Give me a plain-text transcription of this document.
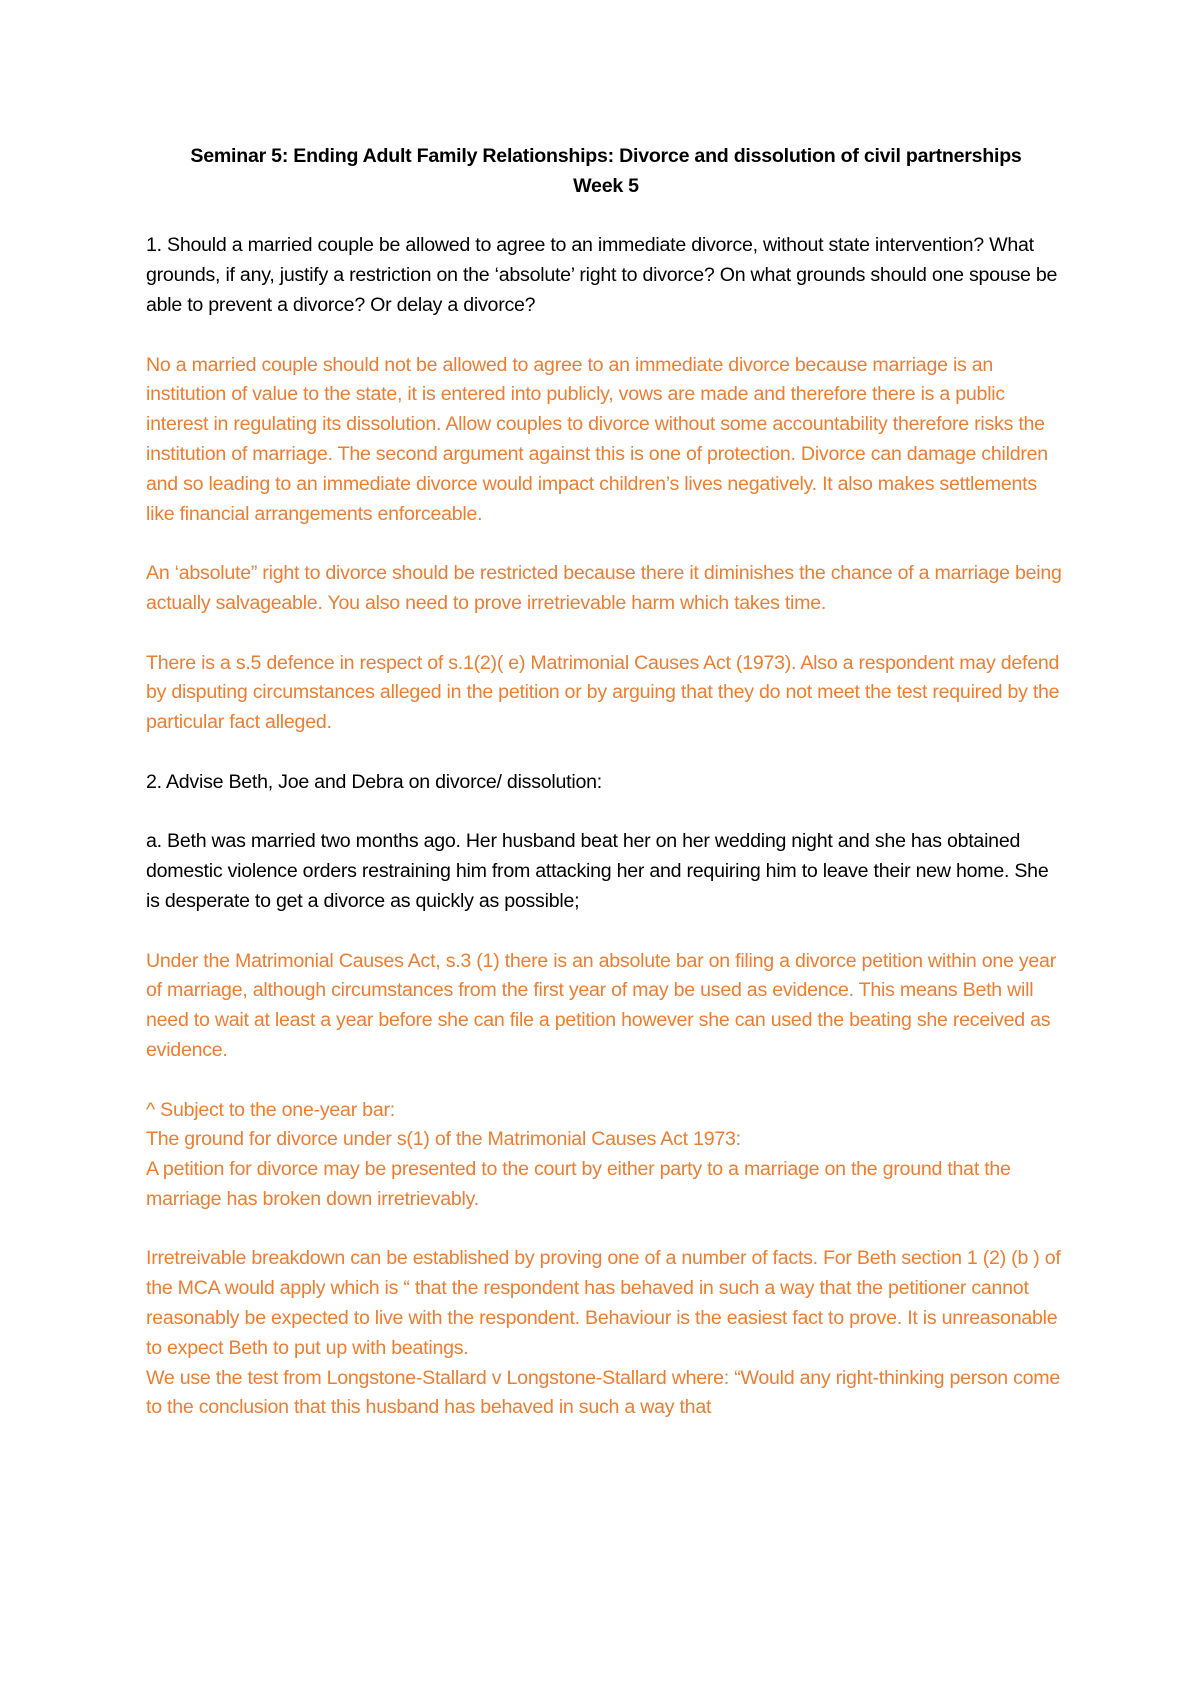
Seminar 5: Ending Adult Family Relationships: Divorce and dissolution of civil partnerships
Week 5

1. Should a married couple be allowed to agree to an immediate divorce, without state intervention? What grounds, if any, justify a restriction on the ‘absolute’ right to divorce? On what grounds should one spouse be able to prevent a divorce? Or delay a divorce?

No a married couple should not be allowed to agree to an immediate divorce because marriage is an institution of value to the state, it is entered into publicly, vows are made and therefore there is a public interest in regulating its dissolution. Allow couples to divorce without some accountability therefore risks the institution of marriage. The second argument against this is one of protection. Divorce can damage children and so leading to an immediate divorce would impact children’s lives negatively. It also makes settlements like financial arrangements enforceable.

An ‘absolute” right to divorce should be restricted because there it diminishes the chance of a marriage being actually salvageable. You also need to prove irretrievable harm which takes time.

There is a s.5 defence in respect of s.1(2)( e) Matrimonial Causes Act (1973). Also a respondent may defend by disputing circumstances alleged in the petition or by arguing that they do not meet the test required by the particular fact alleged.

2. Advise Beth, Joe and Debra on divorce/ dissolution:

a. Beth was married two months ago. Her husband beat her on her wedding night and she has obtained domestic violence orders restraining him from attacking her and requiring him to leave their new home. She is desperate to get a divorce as quickly as possible;

Under the Matrimonial Causes Act, s.3 (1) there is an absolute bar on filing a divorce petition within one year of marriage, although circumstances from the first year of may be used as evidence. This means Beth will need to wait at least a year before she can file a petition however she can used the beating she received as evidence.

^ Subject to the one-year bar:
The ground for divorce under s(1) of the Matrimonial Causes Act 1973:

A petition for divorce may be presented to the court by either party to a marriage on the ground that the marriage has broken down irretrievably.

Irretreivable breakdown can be established by proving one of a number of facts. For Beth section 1 (2) (b ) of the MCA would apply which is “ that the respondent has behaved in such a way that the petitioner cannot reasonably be expected to live with the respondent. Behaviour is the easiest fact to prove. It is unreasonable to expect Beth to put up with beatings.

We use the test from Longstone-Stallard v Longstone-Stallard where: “Would any right-thinking person come to the conclusion that this husband has behaved in such a way that
